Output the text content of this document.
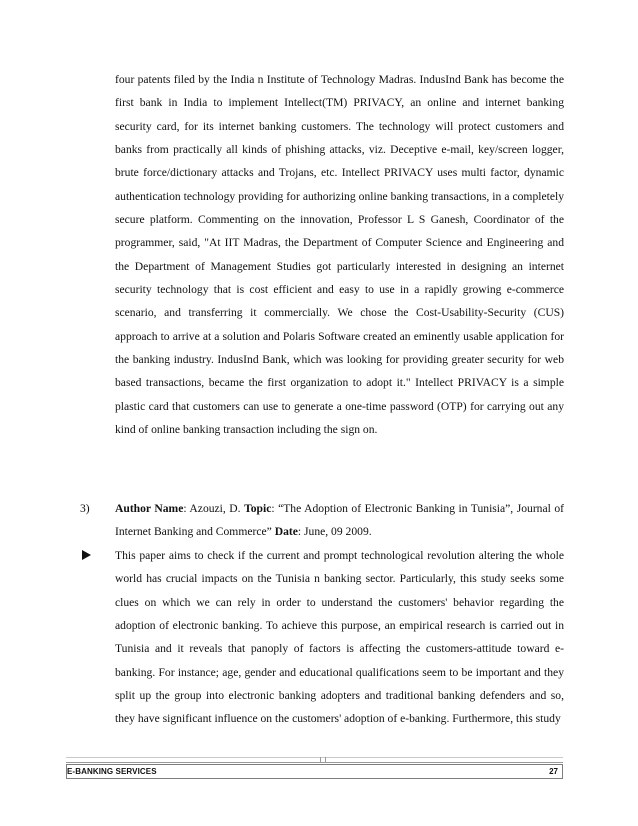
four patents filed by the India n Institute of Technology Madras. IndusInd Bank has become the first bank in India to implement Intellect(TM) PRIVACY, an online and internet banking security card, for its internet banking customers. The technology will protect customers and banks from practically all kinds of phishing attacks, viz. Deceptive e-mail, key/screen logger, brute force/dictionary attacks and Trojans, etc. Intellect PRIVACY uses multi factor, dynamic authentication technology providing for authorizing online banking transactions, in a completely secure platform. Commenting on the innovation, Professor L S Ganesh, Coordinator of the programmer, said, "At IIT Madras, the Department of Computer Science and Engineering and the Department of Management Studies got particularly interested in designing an internet security technology that is cost efficient and easy to use in a rapidly growing e-commerce scenario, and transferring it commercially. We chose the Cost-Usability-Security (CUS) approach to arrive at a solution and Polaris Software created an eminently usable application for the banking industry. IndusInd Bank, which was looking for providing greater security for web based transactions, became the first organization to adopt it." Intellect PRIVACY is a simple plastic card that customers can use to generate a one-time password (OTP) for carrying out any kind of online banking transaction including the sign on.

3)	Author Name: Azouzi, D. Topic: “The Adoption of Electronic Banking in Tunisia”, Journal of Internet Banking and Commerce” Date: June, 09 2009.

This paper aims to check if the current and prompt technological revolution altering the whole world has crucial impacts on the Tunisia n banking sector. Particularly, this study seeks some clues on which we can rely in order to understand the customers' behavior regarding the adoption of electronic banking. To achieve this purpose, an empirical research is carried out in Tunisia and it reveals that panoply of factors is affecting the customers-attitude toward e-banking. For instance; age, gender and educational qualifications seem to be important and they split up the group into electronic banking adopters and traditional banking defenders and so, they have significant influence on the customers' adoption of e-banking. Furthermore, this study

E-BANKING SERVICES	27
